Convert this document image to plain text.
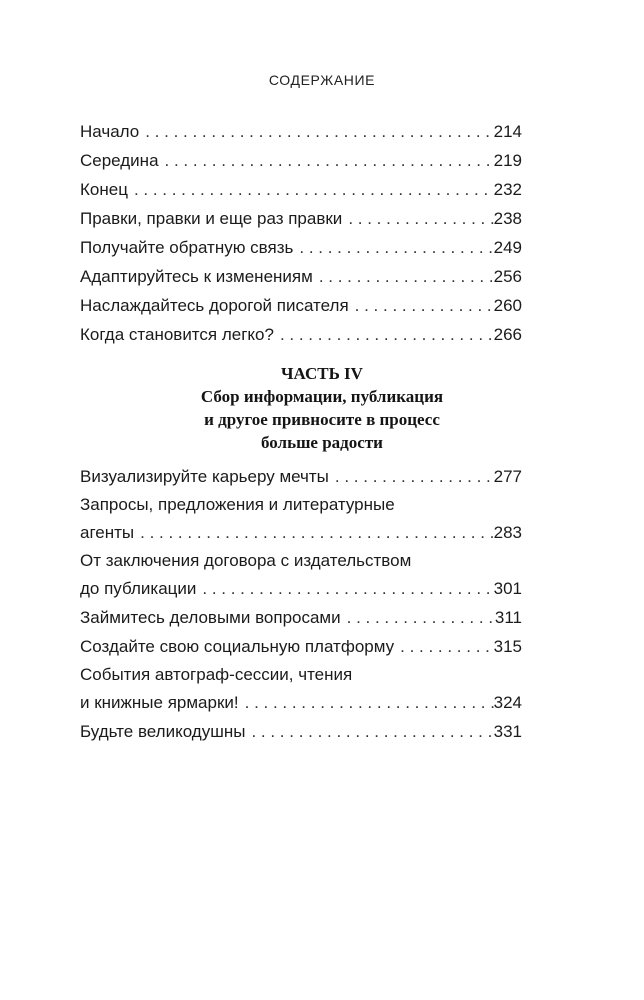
СОДЕРЖАНИЕ
Начало . . .	214
Середина . . .	219
Конец . . .	232
Правки, правки и еще раз правки . . .	238
Получайте обратную связь . . .	249
Адаптируйтесь к изменениям . . .	256
Наслаждайтесь дорогой писателя . . .	260
Когда становится легко? . . .	266
ЧАСТЬ IV
Сбор информации, публикация
и другое привносите в процесс
больше радости
Визуализируйте карьеру мечты . . .	277
Запросы, предложения и литературные
агенты . . .	283
От заключения договора с издательством
до публикации . . .	301
Займитесь деловыми вопросами . . .	311
Создайте свою социальную платформу . . .	315
События автограф-сессии, чтения
и книжные ярмарки! . . .	324
Будьте великодушны . . .	331
